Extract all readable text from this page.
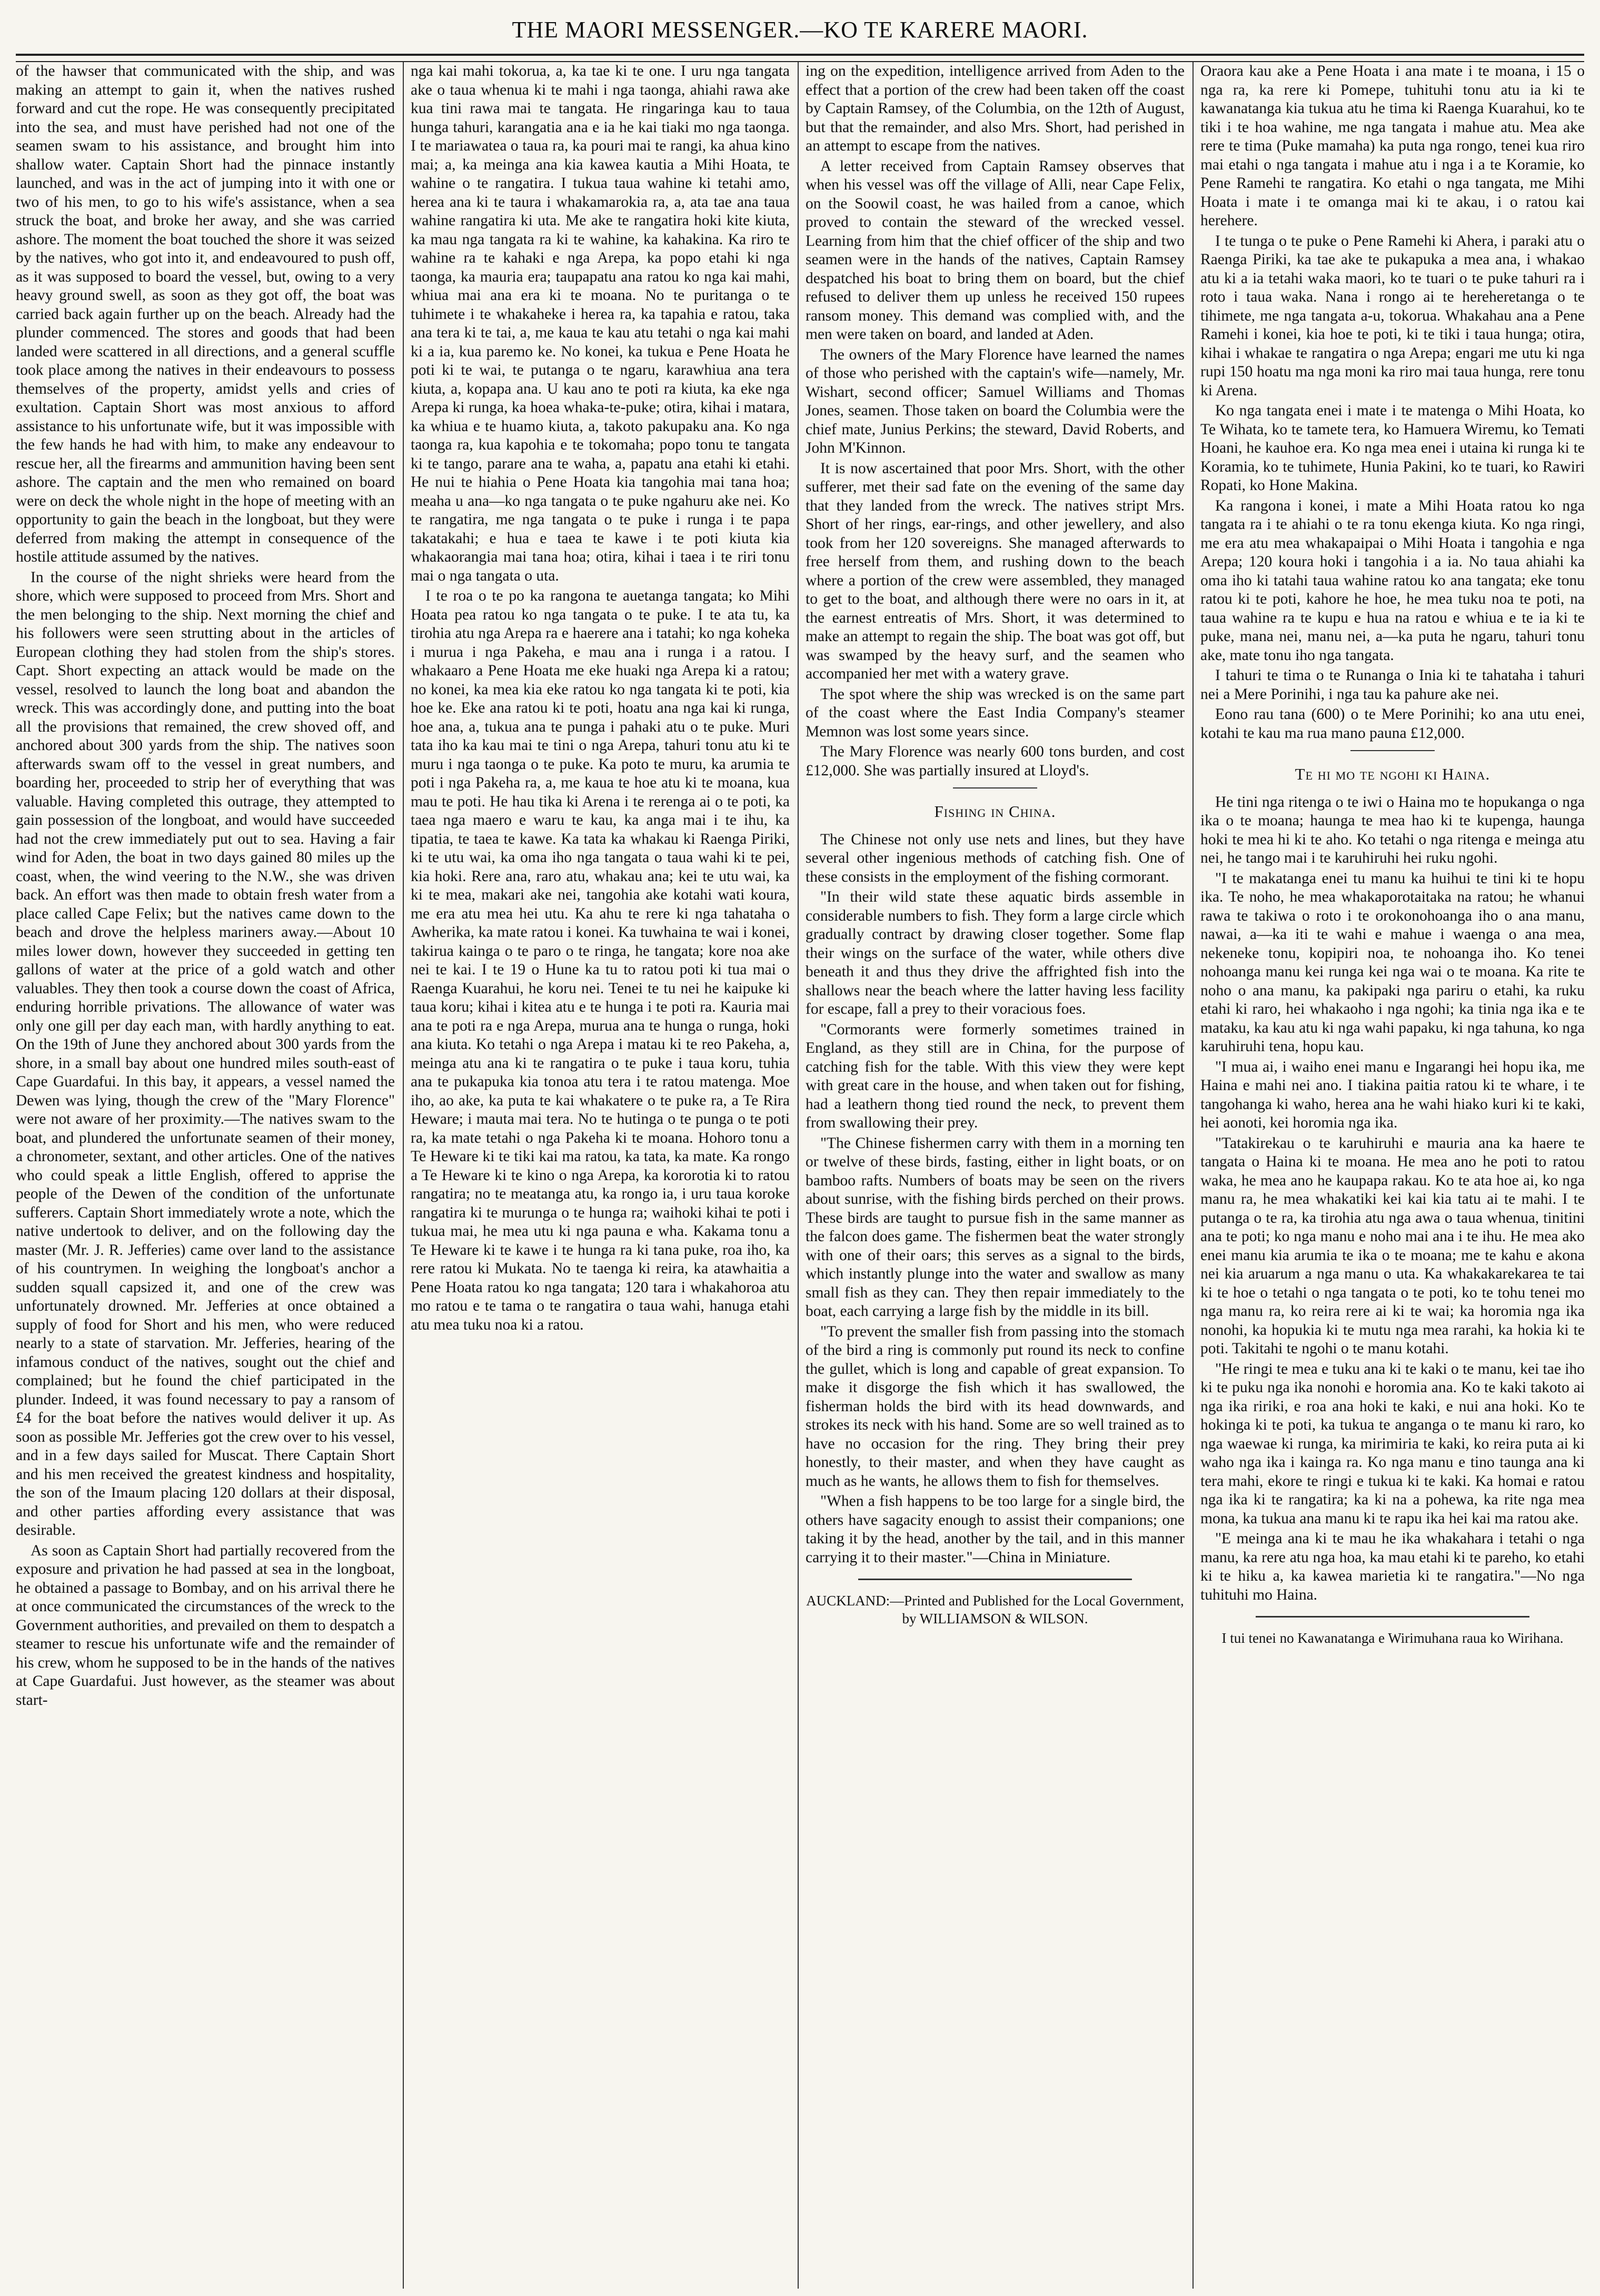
THE MAORI MESSENGER.—KO TE KARERE MAORI.

of the hawser that communicated with the ship, and was making an attempt to gain it, when the natives rushed forward and cut the rope. He was consequently precipitated into the sea, and must have perished had not one of the seamen swam to his assistance, and brought him into shallow water. Captain Short had the pinnace instantly launched, and was in the act of jumping into it with one or two of his men, to go to his wife's assistance, when a sea struck the boat, and broke her away, and she was carried ashore. The moment the boat touched the shore it was seized by the natives, who got into it, and endeavoured to push off, as it was supposed to board the vessel, but, owing to a very heavy ground swell, as soon as they got off, the boat was carried back again further up on the beach. Already had the plunder commenced. The stores and goods that had been landed were scattered in all directions, and a general scuffle took place among the natives in their endeavours to possess themselves of the property, amidst yells and cries of exultation. Captain Short was most anxious to afford assistance to his unfortunate wife, but it was impossible with the few hands he had with him, to make any endeavour to rescue her, all the firearms and ammunition having been sent ashore. The captain and the men who remained on board were on deck the whole night in the hope of meeting with an opportunity to gain the beach in the longboat, but they were deferred from making the attempt in consequence of the hostile attitude assumed by the natives.

In the course of the night shrieks were heard from the shore, which were supposed to proceed from Mrs. Short and the men belonging to the ship. Next morning the chief and his followers were seen strutting about in the articles of European clothing they had stolen from the ship's stores. Capt. Short expecting an attack would be made on the vessel, resolved to launch the long boat and abandon the wreck. This was accordingly done, and putting into the boat all the provisions that remained, the crew shoved off, and anchored about 300 yards from the ship. The natives soon afterwards swam off to the vessel in great numbers, and boarding her, proceeded to strip her of everything that was valuable. Having completed this outrage, they attempted to gain possession of the longboat, and would have succeeded had not the crew immediately put out to sea. Having a fair wind for Aden, the boat in two days gained 80 miles up the coast, when, the wind veering to the N.W., she was driven back. An effort was then made to obtain fresh water from a place called Cape Felix; but the natives came down to the beach and drove the helpless mariners away.—About 10 miles lower down, however they succeeded in getting ten gallons of water at the price of a gold watch and other valuables. They then took a course down the coast of Africa, enduring horrible privations. The allowance of water was only one gill per day each man, with hardly anything to eat. On the 19th of June they anchored about 300 yards from the shore, in a small bay about one hundred miles south-east of Cape Guardafui. In this bay, it appears, a vessel named the Dewen was lying, though the crew of the "Mary Florence" were not aware of her proximity.—The natives swam to the boat, and plundered the unfortunate seamen of their money, a chronometer, sextant, and other articles. One of the natives who could speak a little English, offered to apprise the people of the Dewen of the condition of the unfortunate sufferers. Captain Short immediately wrote a note, which the native undertook to deliver, and on the following day the master (Mr. J. R. Jefferies) came over land to the assistance of his countrymen. In weighing the longboat's anchor a sudden squall capsized it, and one of the crew was unfortunately drowned. Mr. Jefferies at once obtained a supply of food for Short and his men, who were reduced nearly to a state of starvation. Mr. Jefferies, hearing of the infamous conduct of the natives, sought out the chief and complained; but he found the chief participated in the plunder. Indeed, it was found necessary to pay a ransom of £4 for the boat before the natives would deliver it up. As soon as possible Mr. Jefferies got the crew over to his vessel, and in a few days sailed for Muscat. There Captain Short and his men received the greatest kindness and hospitality, the son of the Imaum placing 120 dollars at their disposal, and other parties affording every assistance that was desirable.

As soon as Captain Short had partially recovered from the exposure and privation he had passed at sea in the longboat, he obtained a passage to Bombay, and on his arrival there he at once communicated the circumstances of the wreck to the Government authorities, and prevailed on them to despatch a steamer to rescue his unfortunate wife and the remainder of his crew, whom he supposed to be in the hands of the natives at Cape Guardafui. Just however, as the steamer was about start-

nga kai mahi tokorua, a, ka tae ki te one. I uru nga tangata ake o taua whenua ki te mahi i nga taonga, ahiahi rawa ake kua tini rawa mai te tangata. He ringaringa kau to taua hunga tahuri, karangatia ana e ia he kai tiaki mo nga taonga. I te mariawatea o taua ra, ka pouri mai te rangi, ka ahua kino mai; a, ka meinga ana kia kawea kautia a Mihi Hoata, te wahine o te rangatira. I tukua taua wahine ki tetahi amo, herea ana ki te taura i whakamarokia ra, a, ata tae ana taua wahine rangatira ki uta. Me ake te rangatira hoki kite kiuta, ka mau nga tangata ra ki te wahine, ka kahakina. Ka riro te wahine ra te kahaki e nga Arepa, ka popo etahi ki nga taonga, ka mauria era; taupapatu ana ratou ko nga kai mahi, whiua mai ana era ki te moana. No te puritanga o te tuhimete i te whakaheke i herea ra, ka tapahia e ratou, taka ana tera ki te tai, a, me kaua te kau atu tetahi o nga kai mahi ki a ia, kua paremo ke. No konei, ka tukua e Pene Hoata he poti ki te wai, te putanga o te ngaru, karawhiua ana tera kiuta, a, kopapa ana. U kau ano te poti ra kiuta, ka eke nga Arepa ki runga, ka hoea whaka-te-puke; otira, kihai i matara, ka whiua e te huamo kiuta, a, takoto pakupaku ana. Ko nga taonga ra, kua kapohia e te tokomaha; popo tonu te tangata ki te tango, parare ana te waha, a, papatu ana etahi ki etahi. He nui te hiahia o Pene Hoata kia tangohia mai tana hoa; meaha u ana—ko nga tangata o te puke ngahuru ake nei. Ko te rangatira, me nga tangata o te puke i runga i te papa takatakahi; e hua e taea te kawe i te poti kiuta kia whakaorangia mai tana hoa; otira, kihai i taea i te riri tonu mai o nga tangata o uta.

I te roa o te po ka rangona te auetanga tangata; ko Mihi Hoata pea ratou ko nga tangata o te puke. I te ata tu, ka tirohia atu nga Arepa ra e haerere ana i tatahi; ko nga koheka i murua i nga Pakeha, e mau ana i runga i a ratou. I whakaaro a Pene Hoata me eke huaki nga Arepa ki a ratou; no konei, ka mea kia eke ratou ko nga tangata ki te poti, kia hoe ke. Eke ana ratou ki te poti, hoatu ana nga kai ki runga, hoe ana, a, tukua ana te punga i pahaki atu o te puke. Muri tata iho ka kau mai te tini o nga Arepa, tahuri tonu atu ki te muru i nga taonga o te puke. Ka poto te muru, ka arumia te poti i nga Pakeha ra, a, me kaua te hoe atu ki te moana, kua mau te poti. He hau tika ki Arena i te rerenga ai o te poti, ka taea nga maero e waru te kau, ka anga mai i te ihu, ka tipatia, te taea te kawe. Ka tata ka whakau ki Raenga Piriki, ki te utu wai, ka oma iho nga tangata o taua wahi ki te pei, kia hoki. Rere ana, raro atu, whakau ana; kei te utu wai, ka ki te mea, makari ake nei, tangohia ake kotahi wati koura, me era atu mea hei utu. Ka ahu te rere ki nga tahataha o Awherika, ka mate ratou i konei. Ka tuwhaina te wai i konei, takirua kainga o te paro o te ringa, he tangata; kore noa ake nei te kai. I te 19 o Hune ka tu to ratou poti ki tua mai o Raenga Kuarahui, he koru nei. Tenei te tu nei he kaipuke ki taua koru; kihai i kitea atu e te hunga i te poti ra. Kauria mai ana te poti ra e nga Arepa, murua ana te hunga o runga, hoki ana kiuta. Ko tetahi o nga Arepa i matau ki te reo Pakeha, a, meinga atu ana ki te rangatira o te puke i taua koru, tuhia ana te pukapuka kia tonoa atu tera i te ratou matenga. Moe iho, ao ake, ka puta te kai whakatere o te puke ra, a Te Rira Heware; i mauta mai tera. No te hutinga o te punga o te poti ra, ka mate tetahi o nga Pakeha ki te moana. Hohoro tonu a Te Heware ki te tiki kai ma ratou, ka tata, ka mate. Ka rongo a Te Heware ki te kino o nga Arepa, ka kororotia ki to ratou rangatira; no te meatanga atu, ka rongo ia, i uru taua koroke rangatira ki te murunga o te hunga ra; waihoki kihai te poti i tukua mai, he mea utu ki nga pauna e wha. Kakama tonu a Te Heware ki te kawe i te hunga ra ki tana puke, roa iho, ka rere ratou ki Mukata. No te taenga ki reira, ka atawhaitia a Pene Hoata ratou ko nga tangata; 120 tara i whakahoroa atu mo ratou e te tama o te rangatira o taua wahi, hanuga etahi atu mea tuku noa ki a ratou.

ing on the expedition, intelligence arrived from Aden to the effect that a portion of the crew had been taken off the coast by Captain Ramsey, of the Columbia, on the 12th of August, but that the remainder, and also Mrs. Short, had perished in an attempt to escape from the natives.

A letter received from Captain Ramsey observes that when his vessel was off the village of Alli, near Cape Felix, on the Soowil coast, he was hailed from a canoe, which proved to contain the steward of the wrecked vessel. Learning from him that the chief officer of the ship and two seamen were in the hands of the natives, Captain Ramsey despatched his boat to bring them on board, but the chief refused to deliver them up unless he received 150 rupees ransom money. This demand was complied with, and the men were taken on board, and landed at Aden.

The owners of the Mary Florence have learned the names of those who perished with the captain's wife—namely, Mr. Wishart, second officer; Samuel Williams and Thomas Jones, seamen. Those taken on board the Columbia were the chief mate, Junius Perkins; the steward, David Roberts, and John M'Kinnon.

It is now ascertained that poor Mrs. Short, with the other sufferer, met their sad fate on the evening of the same day that they landed from the wreck. The natives stript Mrs. Short of her rings, ear-rings, and other jewellery, and also took from her 120 sovereigns. She managed afterwards to free herself from them, and rushing down to the beach where a portion of the crew were assembled, they managed to get to the boat, and although there were no oars in it, at the earnest entreatis of Mrs. Short, it was determined to make an attempt to regain the ship. The boat was got off, but was swamped by the heavy surf, and the seamen who accompanied her met with a watery grave.

The spot where the ship was wrecked is on the same part of the coast where the East India Company's steamer Memnon was lost some years since.

The Mary Florence was nearly 600 tons burden, and cost £12,000. She was partially insured at Lloyd's.

Fishing in China.

The Chinese not only use nets and lines, but they have several other ingenious methods of catching fish. One of these consists in the employment of the fishing cormorant.

"In their wild state these aquatic birds assemble in considerable numbers to fish. They form a large circle which gradually contract by drawing closer together. Some flap their wings on the surface of the water, while others dive beneath it and thus they drive the affrighted fish into the shallows near the beach where the latter having less facility for escape, fall a prey to their voracious foes.

"Cormorants were formerly sometimes trained in England, as they still are in China, for the purpose of catching fish for the table. With this view they were kept with great care in the house, and when taken out for fishing, had a leathern thong tied round the neck, to prevent them from swallowing their prey.

"The Chinese fishermen carry with them in a morning ten or twelve of these birds, fasting, either in light boats, or on bamboo rafts. Numbers of boats may be seen on the rivers about sunrise, with the fishing birds perched on their prows. These birds are taught to pursue fish in the same manner as the falcon does game. The fishermen beat the water strongly with one of their oars; this serves as a signal to the birds, which instantly plunge into the water and swallow as many small fish as they can. They then repair immediately to the boat, each carrying a large fish by the middle in its bill.

"To prevent the smaller fish from passing into the stomach of the bird a ring is commonly put round its neck to confine the gullet, which is long and capable of great expansion. To make it disgorge the fish which it has swallowed, the fisherman holds the bird with its head downwards, and strokes its neck with his hand. Some are so well trained as to have no occasion for the ring. They bring their prey honestly, to their master, and when they have caught as much as he wants, he allows them to fish for themselves.

"When a fish happens to be too large for a single bird, the others have sagacity enough to assist their companions; one taking it by the head, another by the tail, and in this manner carrying it to their master."—China in Miniature.

AUCKLAND:—Printed and Published for the Local Government, by WILLIAMSON & WILSON.

Oraora kau ake a Pene Hoata i ana mate i te moana, i 15 o nga ra, ka rere ki Pomepe, tuhituhi tonu atu ia ki te kawanatanga kia tukua atu he tima ki Raenga Kuarahui, ko te tiki i te hoa wahine, me nga tangata i mahue atu. Mea ake rere te tima (Puke mamaha) ka puta nga rongo, tenei kua riro mai etahi o nga tangata i mahue atu i nga i a te Koramie, ko Pene Ramehi te rangatira. Ko etahi o nga tangata, me Mihi Hoata i mate i te omanga mai ki te akau, i o ratou kai herehere.

I te tunga o te puke o Pene Ramehi ki Ahera, i paraki atu o Raenga Piriki, ka tae ake te pukapuka a mea ana, i whakao atu ki a ia tetahi waka maori, ko te tuari o te puke tahuri ra i roto i taua waka. Nana i rongo ai te hereheretanga o te tihimete, me nga tangata a-u, tokorua. Whakahau ana a Pene Ramehi i konei, kia hoe te poti, ki te tiki i taua hunga; otira, kihai i whakae te rangatira o nga Arepa; engari me utu ki nga rupi 150 hoatu ma nga moni ka riro mai taua hunga, rere tonu ki Arena.

Ko nga tangata enei i mate i te matenga o Mihi Hoata, ko Te Wihata, ko te tamete tera, ko Hamuera Wiremu, ko Temati Hoani, he kauhoe era. Ko nga mea enei i utaina ki runga ki te Koramia, ko te tuhimete, Hunia Pakini, ko te tuari, ko Rawiri Ropati, ko Hone Makina.

Ka rangona i konei, i mate a Mihi Hoata ratou ko nga tangata ra i te ahiahi o te ra tonu ekenga kiuta. Ko nga ringi, me era atu mea whakapaipai o Mihi Hoata i tangohia e nga Arepa; 120 koura hoki i tangohia i a ia. No taua ahiahi ka oma iho ki tatahi taua wahine ratou ko ana tangata; eke tonu ratou ki te poti, kahore he hoe, he mea tuku noa te poti, na taua wahine ra te kupu e hua na ratou e whiua e te ia ki te puke, mana nei, manu nei, a—ka puta he ngaru, tahuri tonu ake, mate tonu iho nga tangata.

I tahuri te tima o te Runanga o Inia ki te tahataha i tahuri nei a Mere Porinihi, i nga tau ka pahure ake nei.

Eono rau tana (600) o te Mere Porinihi; ko ana utu enei, kotahi te kau ma rua mano pauna £12,000.

Te hi mo te ngohi ki Haina.

He tini nga ritenga o te iwi o Haina mo te hopukanga o nga ika o te moana; haunga te mea hao ki te kupenga, haunga hoki te mea hi ki te aho. Ko tetahi o nga ritenga e meinga atu nei, he tango mai i te karuhiruhi hei ruku ngohi.

"I te makatanga enei tu manu ka huihui te tini ki te hopu ika. Te noho, he mea whakaporotaitaka na ratou; he whanui rawa te takiwa o roto i te orokonohoanga iho o ana manu, nawai, a—ka iti te wahi e mahue i waenga o ana mea, nekeneke tonu, kopipiri noa, te nohoanga iho. Ko tenei nohoanga manu kei runga kei nga wai o te moana. Ka rite te noho o ana manu, ka pakipaki nga pariru o etahi, ka ruku etahi ki raro, hei whakaoho i nga ngohi; ka tinia nga ika e te mataku, ka kau atu ki nga wahi papaku, ki nga tahuna, ko nga karuhiruhi tena, hopu kau.

"I mua ai, i waiho enei manu e Ingarangi hei hopu ika, me Haina e mahi nei ano. I tiakina paitia ratou ki te whare, i te tangohanga ki waho, herea ana he wahi hiako kuri ki te kaki, hei aonoti, kei horomia nga ika.

"Tatakirekau o te karuhiruhi e mauria ana ka haere te tangata o Haina ki te moana. He mea ano he poti to ratou waka, he mea ano he kaupapa rakau. Ko te ata hoe ai, ko nga manu ra, he mea whakatiki kei kai kia tatu ai te mahi. I te putanga o te ra, ka tirohia atu nga awa o taua whenua, tinitini ana te poti; ko nga manu e noho mai ana i te ihu. He mea ako enei manu kia arumia te ika o te moana; me te kahu e akona nei kia aruarum a nga manu o uta. Ka whakakarekarea te tai ki te hoe o tetahi o nga tangata o te poti, ko te tohu tenei mo nga manu ra, ko reira rere ai ki te wai; ka horomia nga ika nonohi, ka hopukia ki te mutu nga mea rarahi, ka hokia ki te poti. Takitahi te ngohi o te manu kotahi.

"He ringi te mea e tuku ana ki te kaki o te manu, kei tae iho ki te puku nga ika nonohi e horomia ana. Ko te kaki takoto ai nga ika ririki, e roa ana hoki te kaki, e nui ana hoki. Ko te hokinga ki te poti, ka tukua te anganga o te manu ki raro, ko nga waewae ki runga, ka mirimiria te kaki, ko reira puta ai ki waho nga ika i kainga ra. Ko nga manu e tino taunga ana ki tera mahi, ekore te ringi e tukua ki te kaki. Ka homai e ratou nga ika ki te rangatira; ka ki na a pohewa, ka rite nga mea mona, ka tukua ana manu ki te rapu ika hei kai ma ratou ake.

"E meinga ana ki te mau he ika whakahara i tetahi o nga manu, ka rere atu nga hoa, ka mau etahi ki te pareho, ko etahi ki te hiku a, ka kawea marietia ki te rangatira."—No nga tuhituhi mo Haina.

I tui tenei no Kawanatanga e Wirimuhana raua ko Wirihana.
